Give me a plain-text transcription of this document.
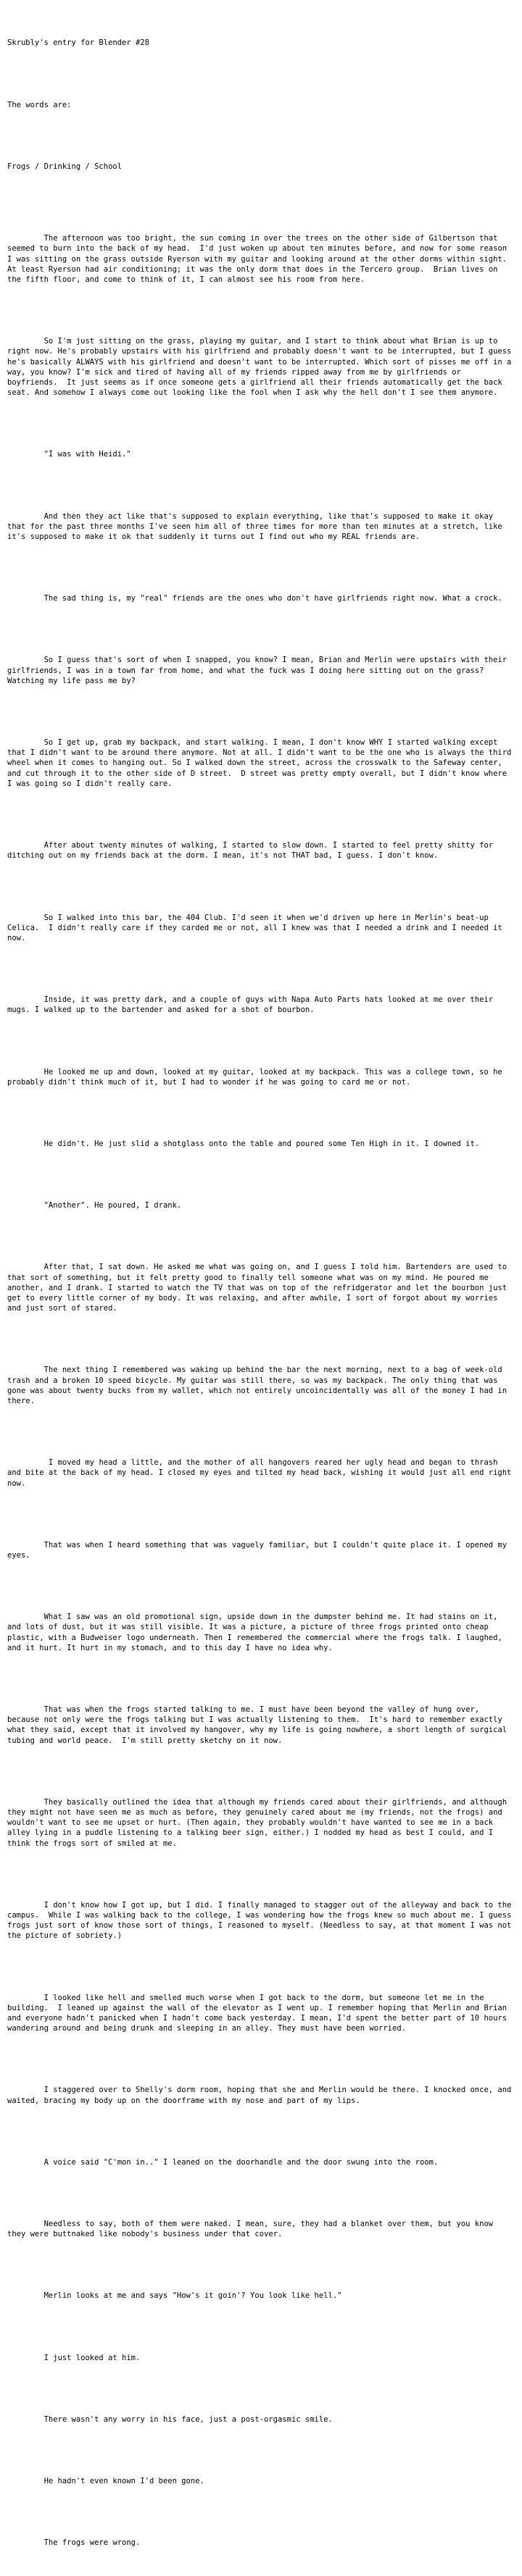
Skrubly's entry for Blender #28

The words are:

Frogs / Drinking / School

The afternoon was too bright, the sun coming in over the trees on the other side of Gilbertson that seemed to burn into the back of my head.  I'd just woken up about ten minutes before, and now for some reason I was sitting on the grass outside Ryerson with my guitar and looking around at the other dorms within sight.  At least Ryerson had air conditioning; it was the only dorm that does in the Tercero group.  Brian lives on the fifth floor, and come to think of it, I can almost see his room from here.

So I'm just sitting on the grass, playing my guitar, and I start to think about what Brian is up to right now. He's probably upstairs with his girlfriend and probably doesn't want to be interrupted, but I guess he's basically ALWAYS with his girlfriend and doesn't want to be interrupted. Which sort of pisses me off in a way, you know? I'm sick and tired of having all of my friends ripped away from me by girlfriends or boyfriends.  It just seems as if once someone gets a girlfriend all their friends automatically get the back seat. And somehow I always come out looking like the fool when I ask why the hell don't I see them anymore.

"I was with Heidi."

And then they act like that's supposed to explain everything, like that's supposed to make it okay that for the past three months I've seen him all of three times for more than ten minutes at a stretch, like it's supposed to make it ok that suddenly it turns out I find out who my REAL friends are.

The sad thing is, my "real" friends are the ones who don't have girlfriends right now. What a crock.

So I guess that's sort of when I snapped, you know? I mean, Brian and Merlin were upstairs with their girlfriends, I was in a town far from home, and what the fuck was I doing here sitting out on the grass? Watching my life pass me by?

So I get up, grab my backpack, and start walking. I mean, I don't know WHY I started walking except that I didn't want to be around there anymore. Not at all. I didn't want to be the one who is always the third wheel when it comes to hanging out. So I walked down the street, across the crosswalk to the Safeway center, and cut through it to the other side of D street.  D street was pretty empty overall, but I didn't know where I was going so I didn't really care.

After about twenty minutes of walking, I started to slow down. I started to feel pretty shitty for ditching out on my friends back at the dorm. I mean, it's not THAT bad, I guess. I don't know.

So I walked into this bar, the 404 Club. I'd seen it when we'd driven up here in Merlin's beat-up Celica.  I didn't really care if they carded me or not, all I knew was that I needed a drink and I needed it now.

Inside, it was pretty dark, and a couple of guys with Napa Auto Parts hats looked at me over their mugs. I walked up to the bartender and asked for a shot of bourbon.

He looked me up and down, looked at my guitar, looked at my backpack. This was a college town, so he probably didn't think much of it, but I had to wonder if he was going to card me or not.

He didn't. He just slid a shotglass onto the table and poured some Ten High in it. I downed it.

"Another". He poured, I drank.

After that, I sat down. He asked me what was going on, and I guess I told him. Bartenders are used to that sort of something, but it felt pretty good to finally tell someone what was on my mind. He poured me another, and I drank. I started to watch the TV that was on top of the refridgerator and let the bourbon just get to every little corner of my body. It was relaxing, and after awhile, I sort of forgot about my worries and just sort of stared.

The next thing I remembered was waking up behind the bar the next morning, next to a bag of week-old trash and a broken 10 speed bicycle. My guitar was still there, so was my backpack. The only thing that was gone was about twenty bucks from my wallet, which not entirely uncoincidentally was all of the money I had in there.

I moved my head a little, and the mother of all hangovers reared her ugly head and began to thrash and bite at the back of my head. I closed my eyes and tilted my head back, wishing it would just all end right now.

That was when I heard something that was vaguely familiar, but I couldn't quite place it. I opened my eyes.

What I saw was an old promotional sign, upside down in the dumpster behind me. It had stains on it, and lots of dust, but it was still visible. It was a picture, a picture of three frogs printed onto cheap plastic, with a Budweiser logo underneath. Then I remembered the commercial where the frogs talk. I laughed, and it hurt. It hurt in my stomach, and to this day I have no idea why.

That was when the frogs started talking to me. I must have been beyond the valley of hung over, because not only were the frogs talking but I was actually listening to them.  It's hard to remember exactly what they said, except that it involved my hangover, why my life is going nowhere, a short length of surgical tubing and world peace.  I'm still pretty sketchy on it now.

They basically outlined the idea that although my friends cared about their girlfriends, and although they might not have seen me as much as before, they genuinely cared about me (my friends, not the frogs) and wouldn't want to see me upset or hurt. (Then again, they probably wouldn't have wanted to see me in a back alley lying in a puddle listening to a talking beer sign, either.) I nodded my head as best I could, and I think the frogs sort of smiled at me.

I don't know how I got up, but I did. I finally managed to stagger out of the alleyway and back to the campus.  While I was walking back to the college, I was wondering how the frogs knew so much about me. I guess frogs just sort of know those sort of things, I reasoned to myself. (Needless to say, at that moment I was not the picture of sobriety.)

I looked like hell and smelled much worse when I got back to the dorm, but someone let me in the building.  I leaned up against the wall of the elevator as I went up. I remember hoping that Merlin and Brian and everyone hadn't panicked when I hadn't come back yesterday. I mean, I'd spent the better part of 10 hours wandering around and being drunk and sleeping in an alley. They must have been worried.

I staggered over to Shelly's dorm room, hoping that she and Merlin would be there. I knocked once, and waited, bracing my body up on the doorframe with my nose and part of my lips.

A voice said "C'mon in.." I leaned on the doorhandle and the door swung into the room.

Needless to say, both of them were naked. I mean, sure, they had a blanket over them, but you know they were buttnaked like nobody's business under that cover.

Merlin looks at me and says "How's it goin'? You look like hell."

I just looked at him.

There wasn't any worry in his face, just a post-orgasmic smile.

He hadn't even known I'd been gone.

The frogs were wrong.
